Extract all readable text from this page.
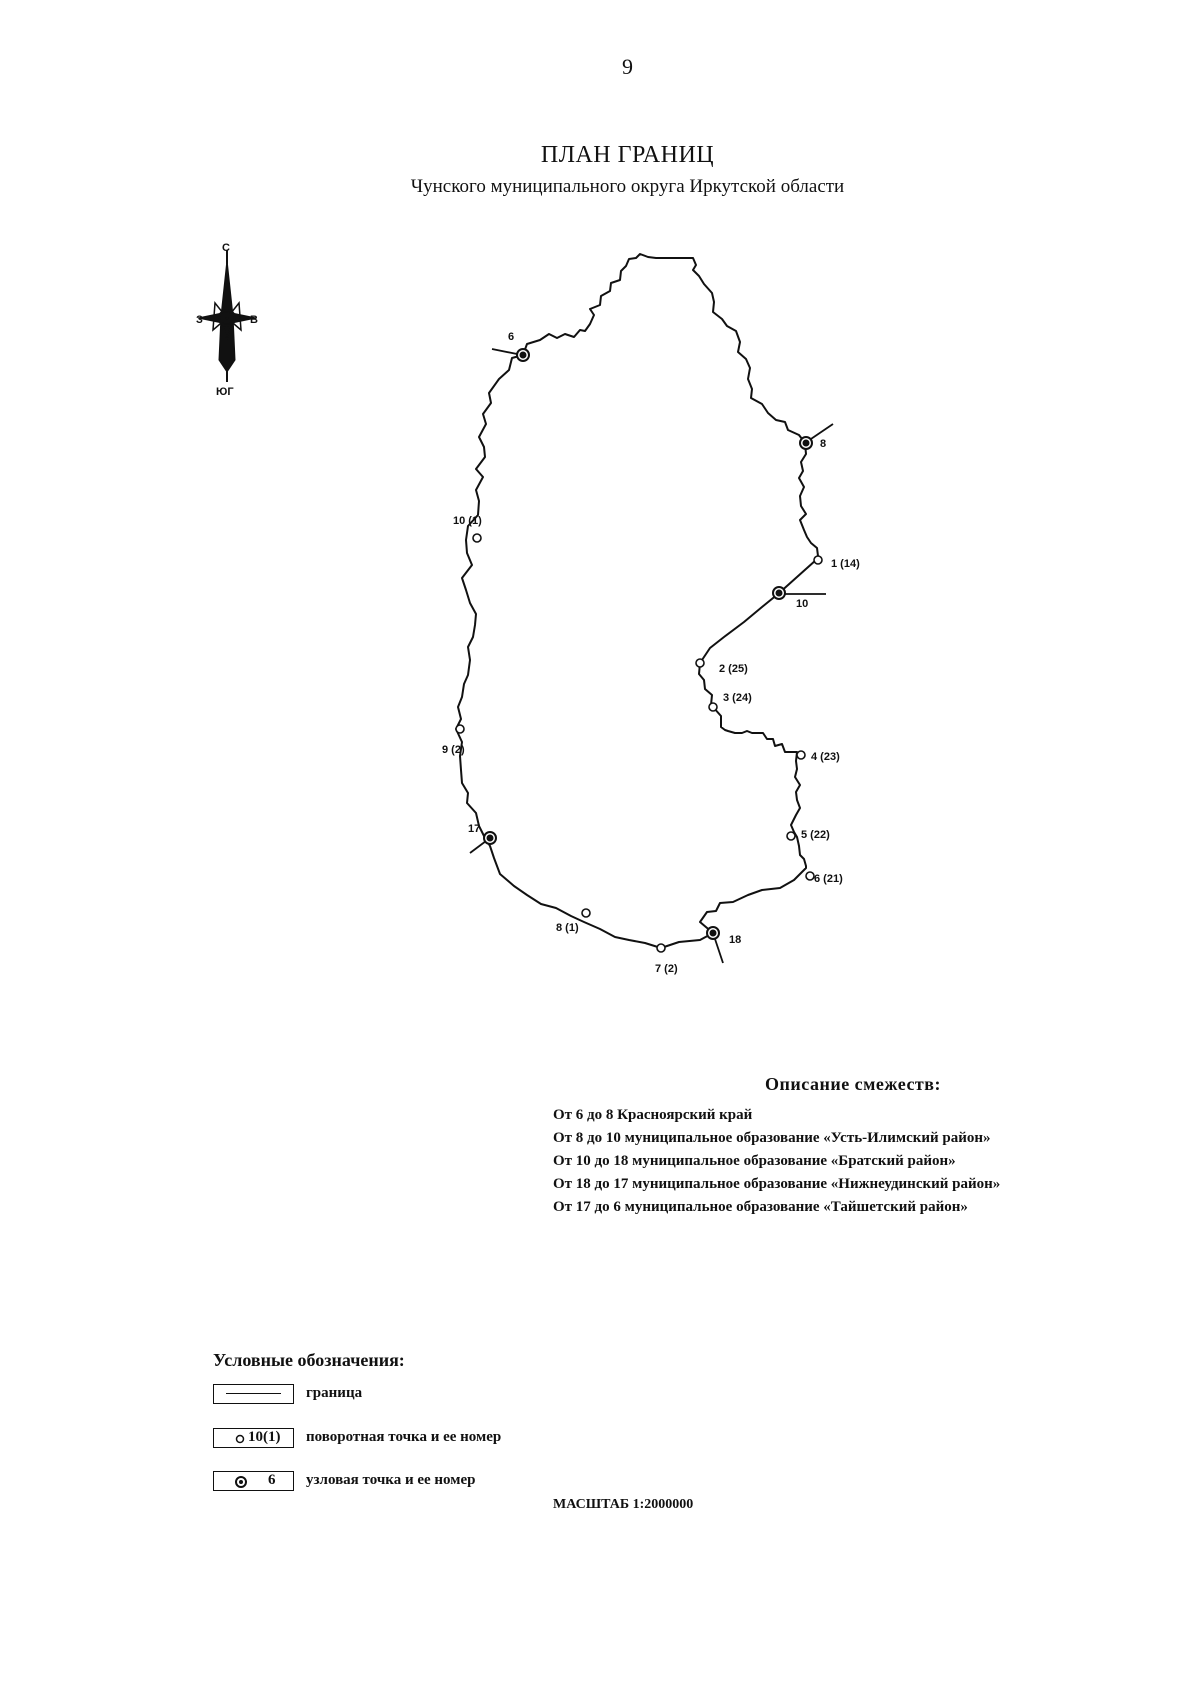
9
ПЛАН ГРАНИЦ
Чунского муниципального округа Иркутской области
С
ЮГ
З	В
6
8
10
17
18
10 (1)
1 (14)
2 (25)
3 (24)
4 (23)
5 (22)
6 (21)
9 (2)
8 (1)
7 (2)
Описание смежеств:
От 6 до 8 Красноярский край
От 8 до 10 муниципальное образование «Усть-Илимский район»
От 10 до 18 муниципальное образование «Братский район»
От 18 до 17 муниципальное образование «Нижнеудинский район»
От 17 до 6 муниципальное образование «Тайшетский район»
Условные обозначения:
граница
10(1) поворотная точка и ее номер
6 узловая точка и ее номер
МАСШТАБ 1:2000000
